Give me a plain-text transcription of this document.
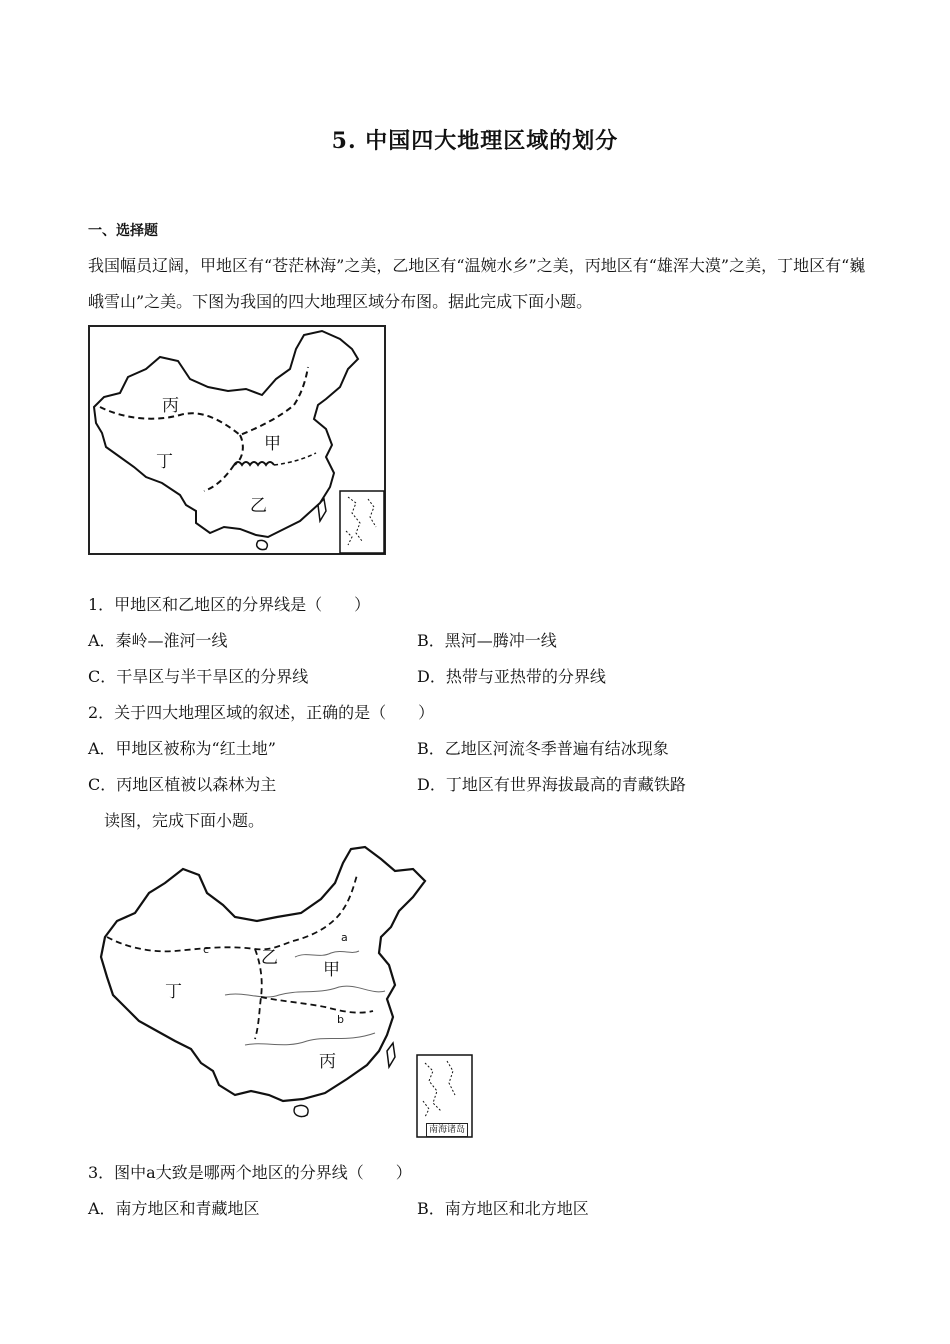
5. 中国四大地理区域的划分
一、选择题
我国幅员辽阔，甲地区有“苍茫林海”之美，乙地区有“温婉水乡”之美，丙地区有“雄浑大漠”之美，丁地区有“巍峨雪山”之美。下图为我国的四大地理区域分布图。据此完成下面小题。
丙
甲
丁
乙
1．甲地区和乙地区的分界线是（　　）
A．秦岭—淮河一线	B．黑河—腾冲一线
C．干旱区与半干旱区的分界线	D．热带与亚热带的分界线
2．关于四大地理区域的叙述，正确的是（　　）
A．甲地区被称为“红土地”	B．乙地区河流冬季普遍有结冰现象
C．丙地区植被以森林为主	D．丁地区有世界海拔最高的青藏铁路
读图，完成下面小题。
乙
甲
丁
丙
a
b
c
南海诸岛
3．图中a大致是哪两个地区的分界线（　　）
A．南方地区和青藏地区	B．南方地区和北方地区
